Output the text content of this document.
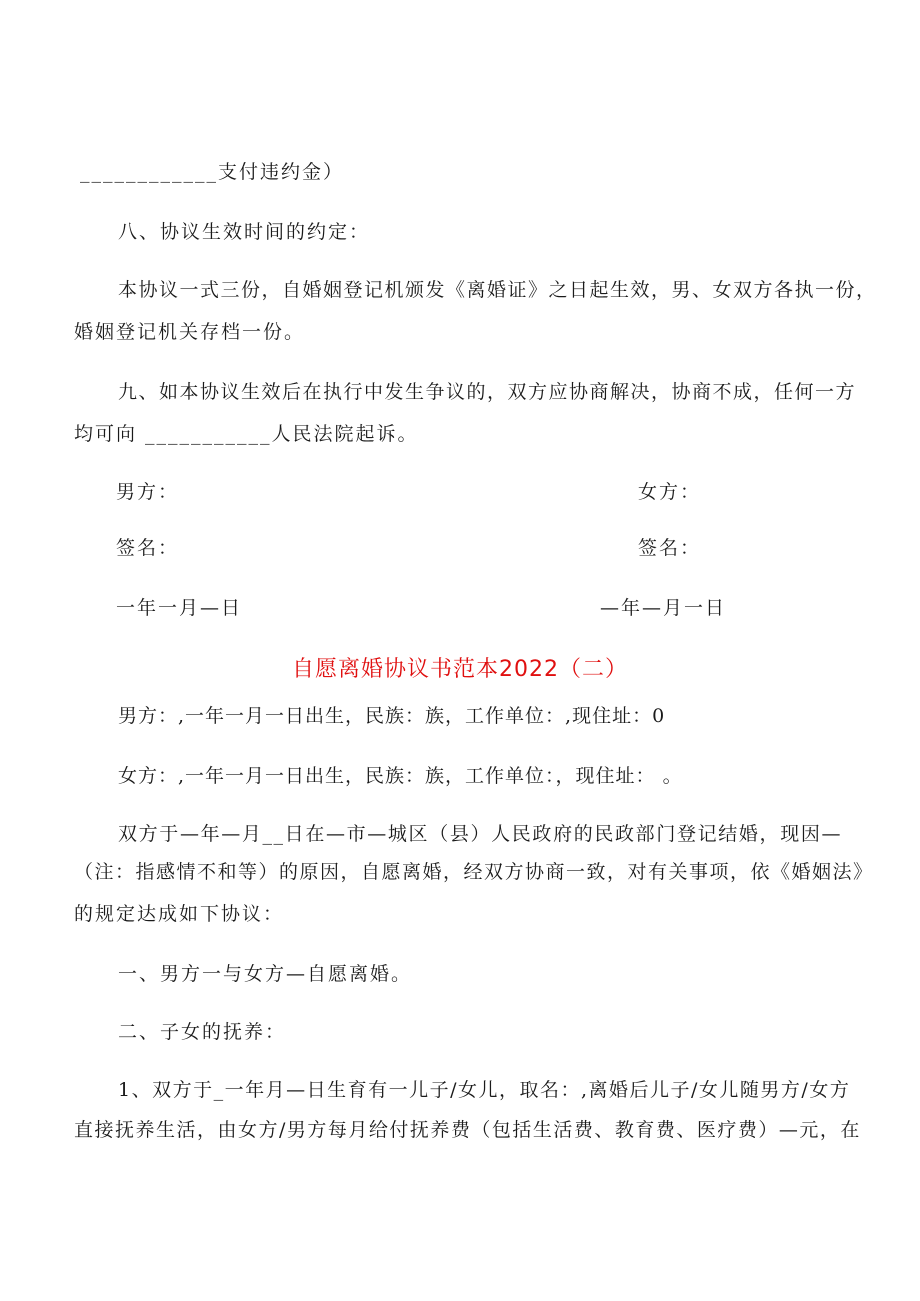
____________支付违约金）
八、协议生效时间的约定：
本协议一式三份，自婚姻登记机颁发《离婚证》之日起生效，男、女双方各执一份，
婚姻登记机关存档一份。
九、如本协议生效后在执行中发生争议的，双方应协商解决，协商不成，任何一方
均可向 ___________人民法院起诉。
男方：	女方：
签名：	签名：
一年一月—日	—年—月一日
自愿离婚协议书范本2022（二）
男方：,一年一月一日出生，民族：族，工作单位：,现住址：0
女方：,一年一月一日出生，民族：族，工作单位：，现住址： 。
双方于—年—月__日在—市—城区（县）人民政府的民政部门登记结婚，现因—
（注：指感情不和等）的原因，自愿离婚，经双方协商一致，对有关事项，依《婚姻法》
的规定达成如下协议：
一、男方一与女方—自愿离婚。
二、子女的抚养：
1、双方于_一年月—日生育有一儿子/女儿，取名：,离婚后儿子/女儿随男方/女方
直接抚养生活，由女方/男方每月给付抚养费（包括生活费、教育费、医疗费）—元，在
